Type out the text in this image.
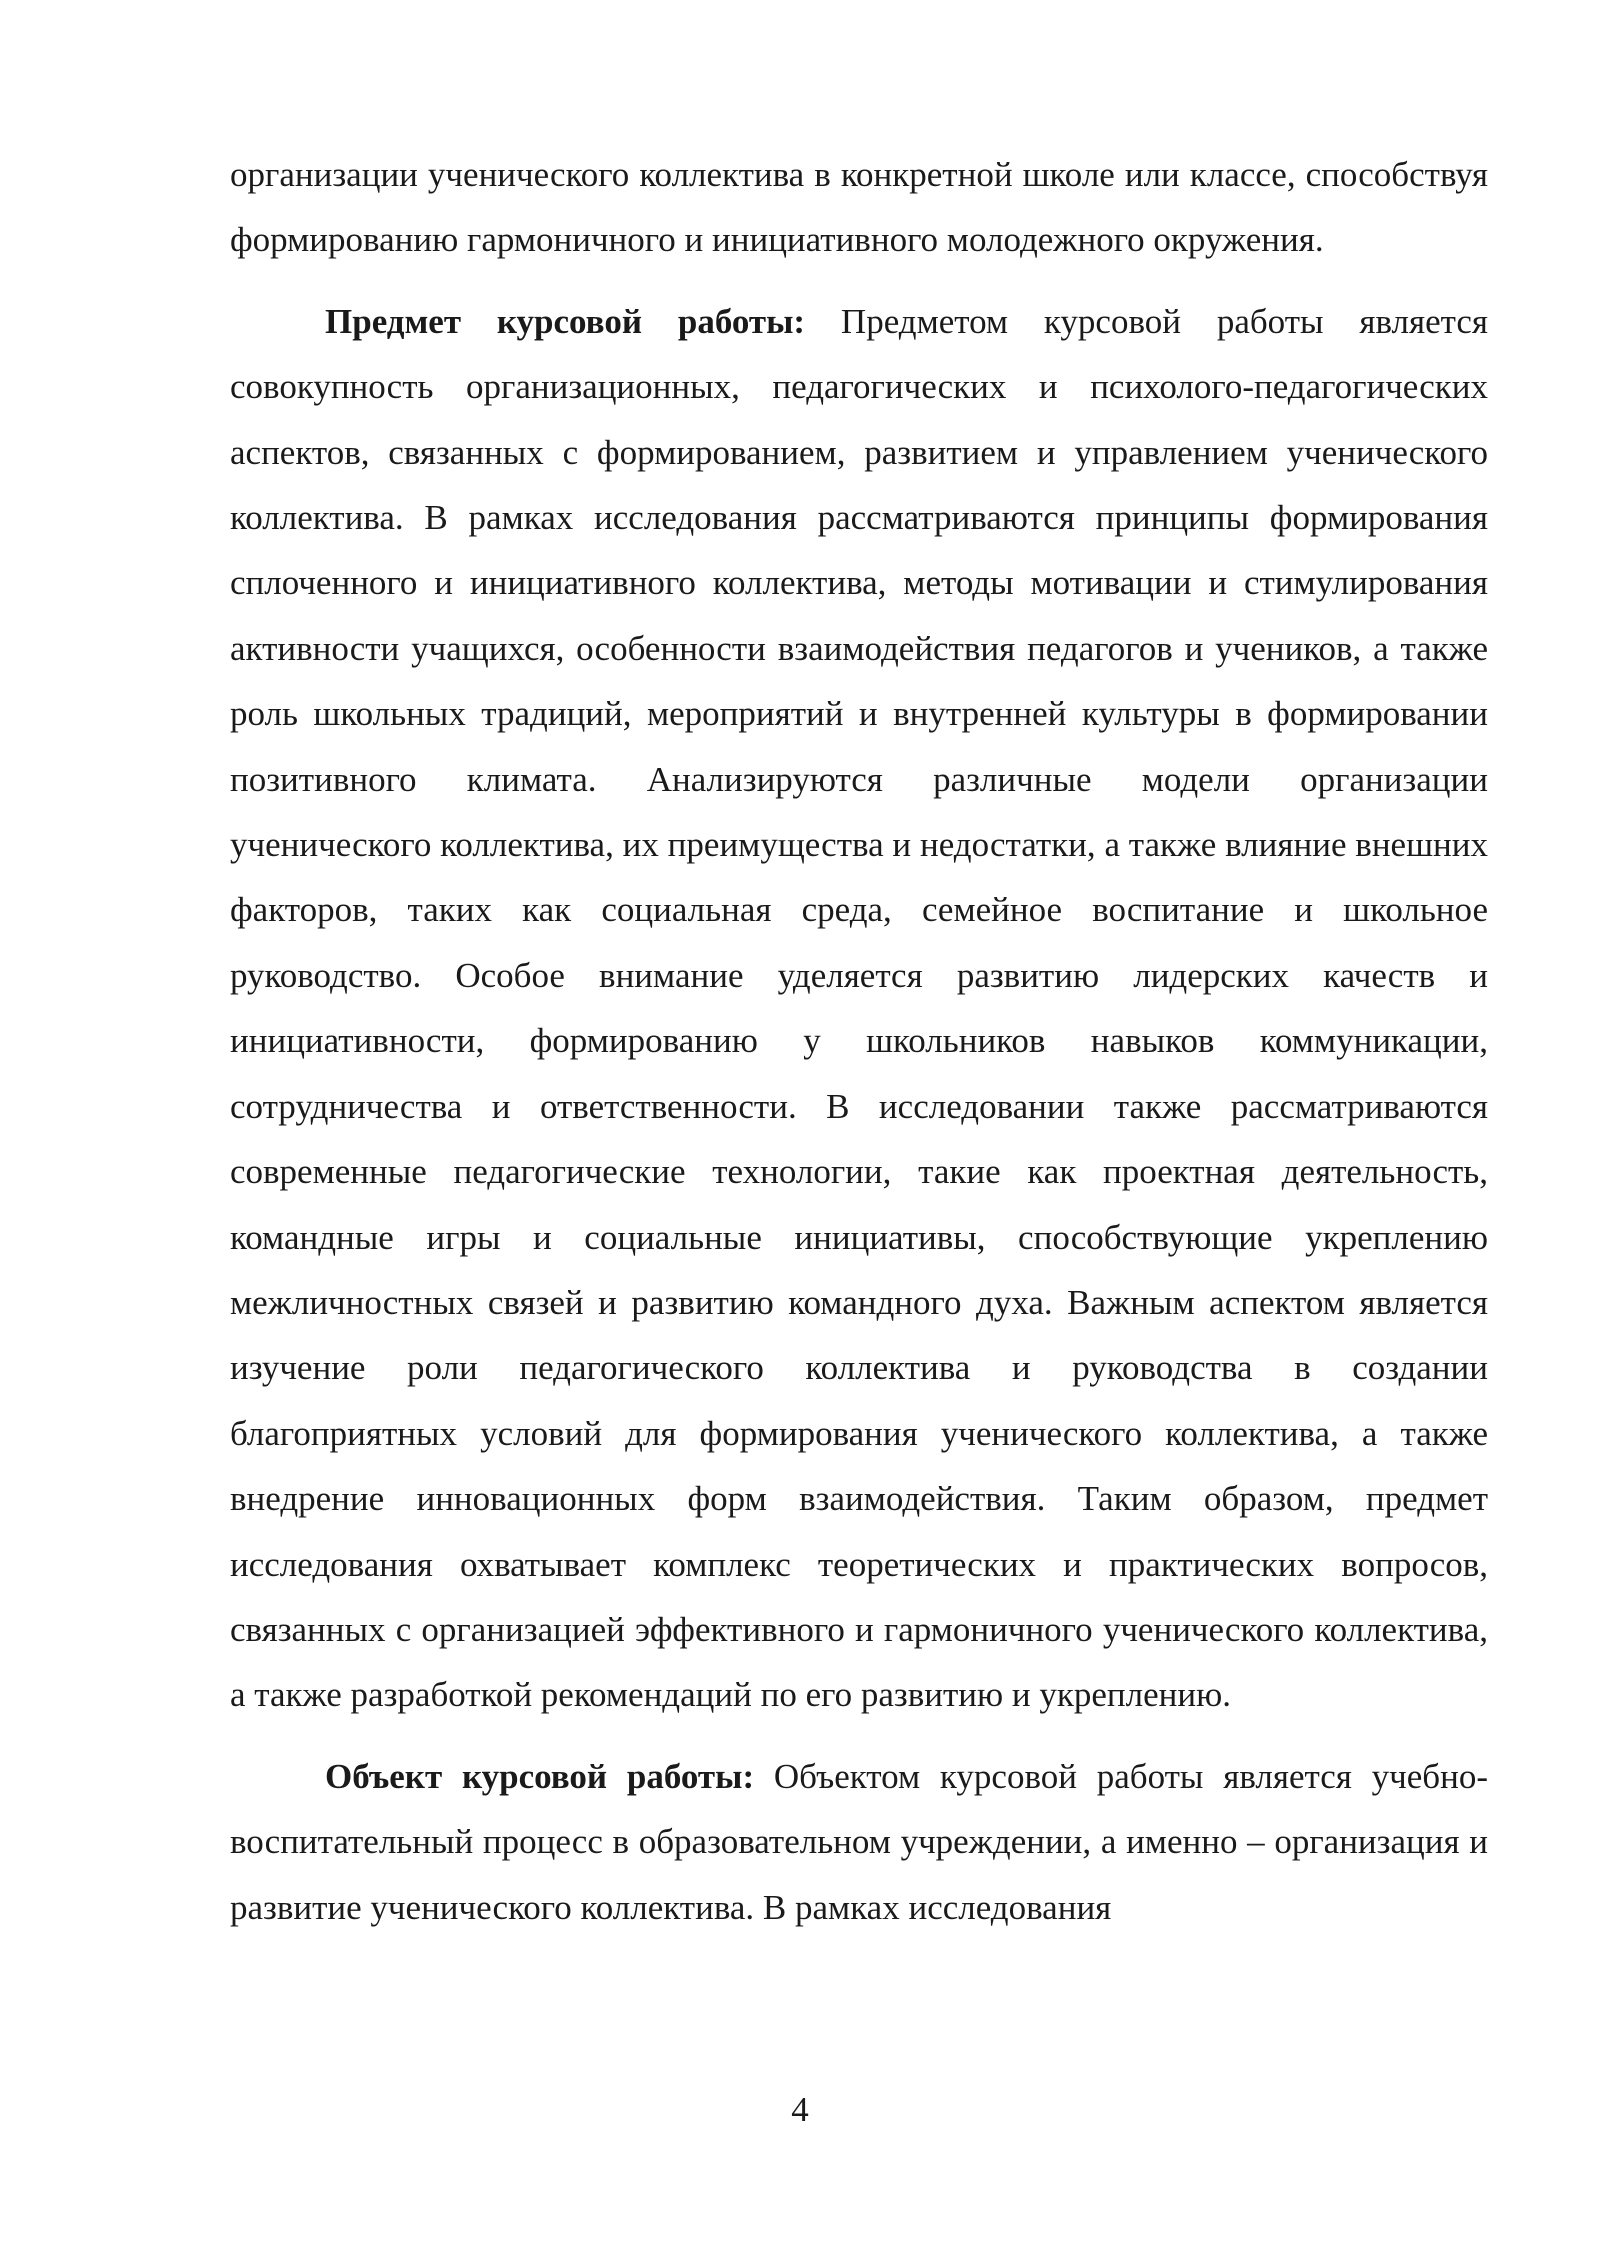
организации ученического коллектива в конкретной школе или классе, способствуя формированию гармоничного и инициативного молодежного окружения.

Предмет курсовой работы: Предметом курсовой работы является совокупность организационных, педагогических и психолого-педагогических аспектов, связанных с формированием, развитием и управлением ученического коллектива. В рамках исследования рассматриваются принципы формирования сплоченного и инициативного коллектива, методы мотивации и стимулирования активности учащихся, особенности взаимодействия педагогов и учеников, а также роль школьных традиций, мероприятий и внутренней культуры в формировании позитивного климата. Анализируются различные модели организации ученического коллектива, их преимущества и недостатки, а также влияние внешних факторов, таких как социальная среда, семейное воспитание и школьное руководство. Особое внимание уделяется развитию лидерских качеств и инициативности, формированию у школьников навыков коммуникации, сотрудничества и ответственности. В исследовании также рассматриваются современные педагогические технологии, такие как проектная деятельность, командные игры и социальные инициативы, способствующие укреплению межличностных связей и развитию командного духа. Важным аспектом является изучение роли педагогического коллектива и руководства в создании благоприятных условий для формирования ученического коллектива, а также внедрение инновационных форм взаимодействия. Таким образом, предмет исследования охватывает комплекс теоретических и практических вопросов, связанных с организацией эффективного и гармоничного ученического коллектива, а также разработкой рекомендаций по его развитию и укреплению.

Объект курсовой работы: Объектом курсовой работы является учебно-воспитательный процесс в образовательном учреждении, а именно – организация и развитие ученического коллектива. В рамках исследования

4
